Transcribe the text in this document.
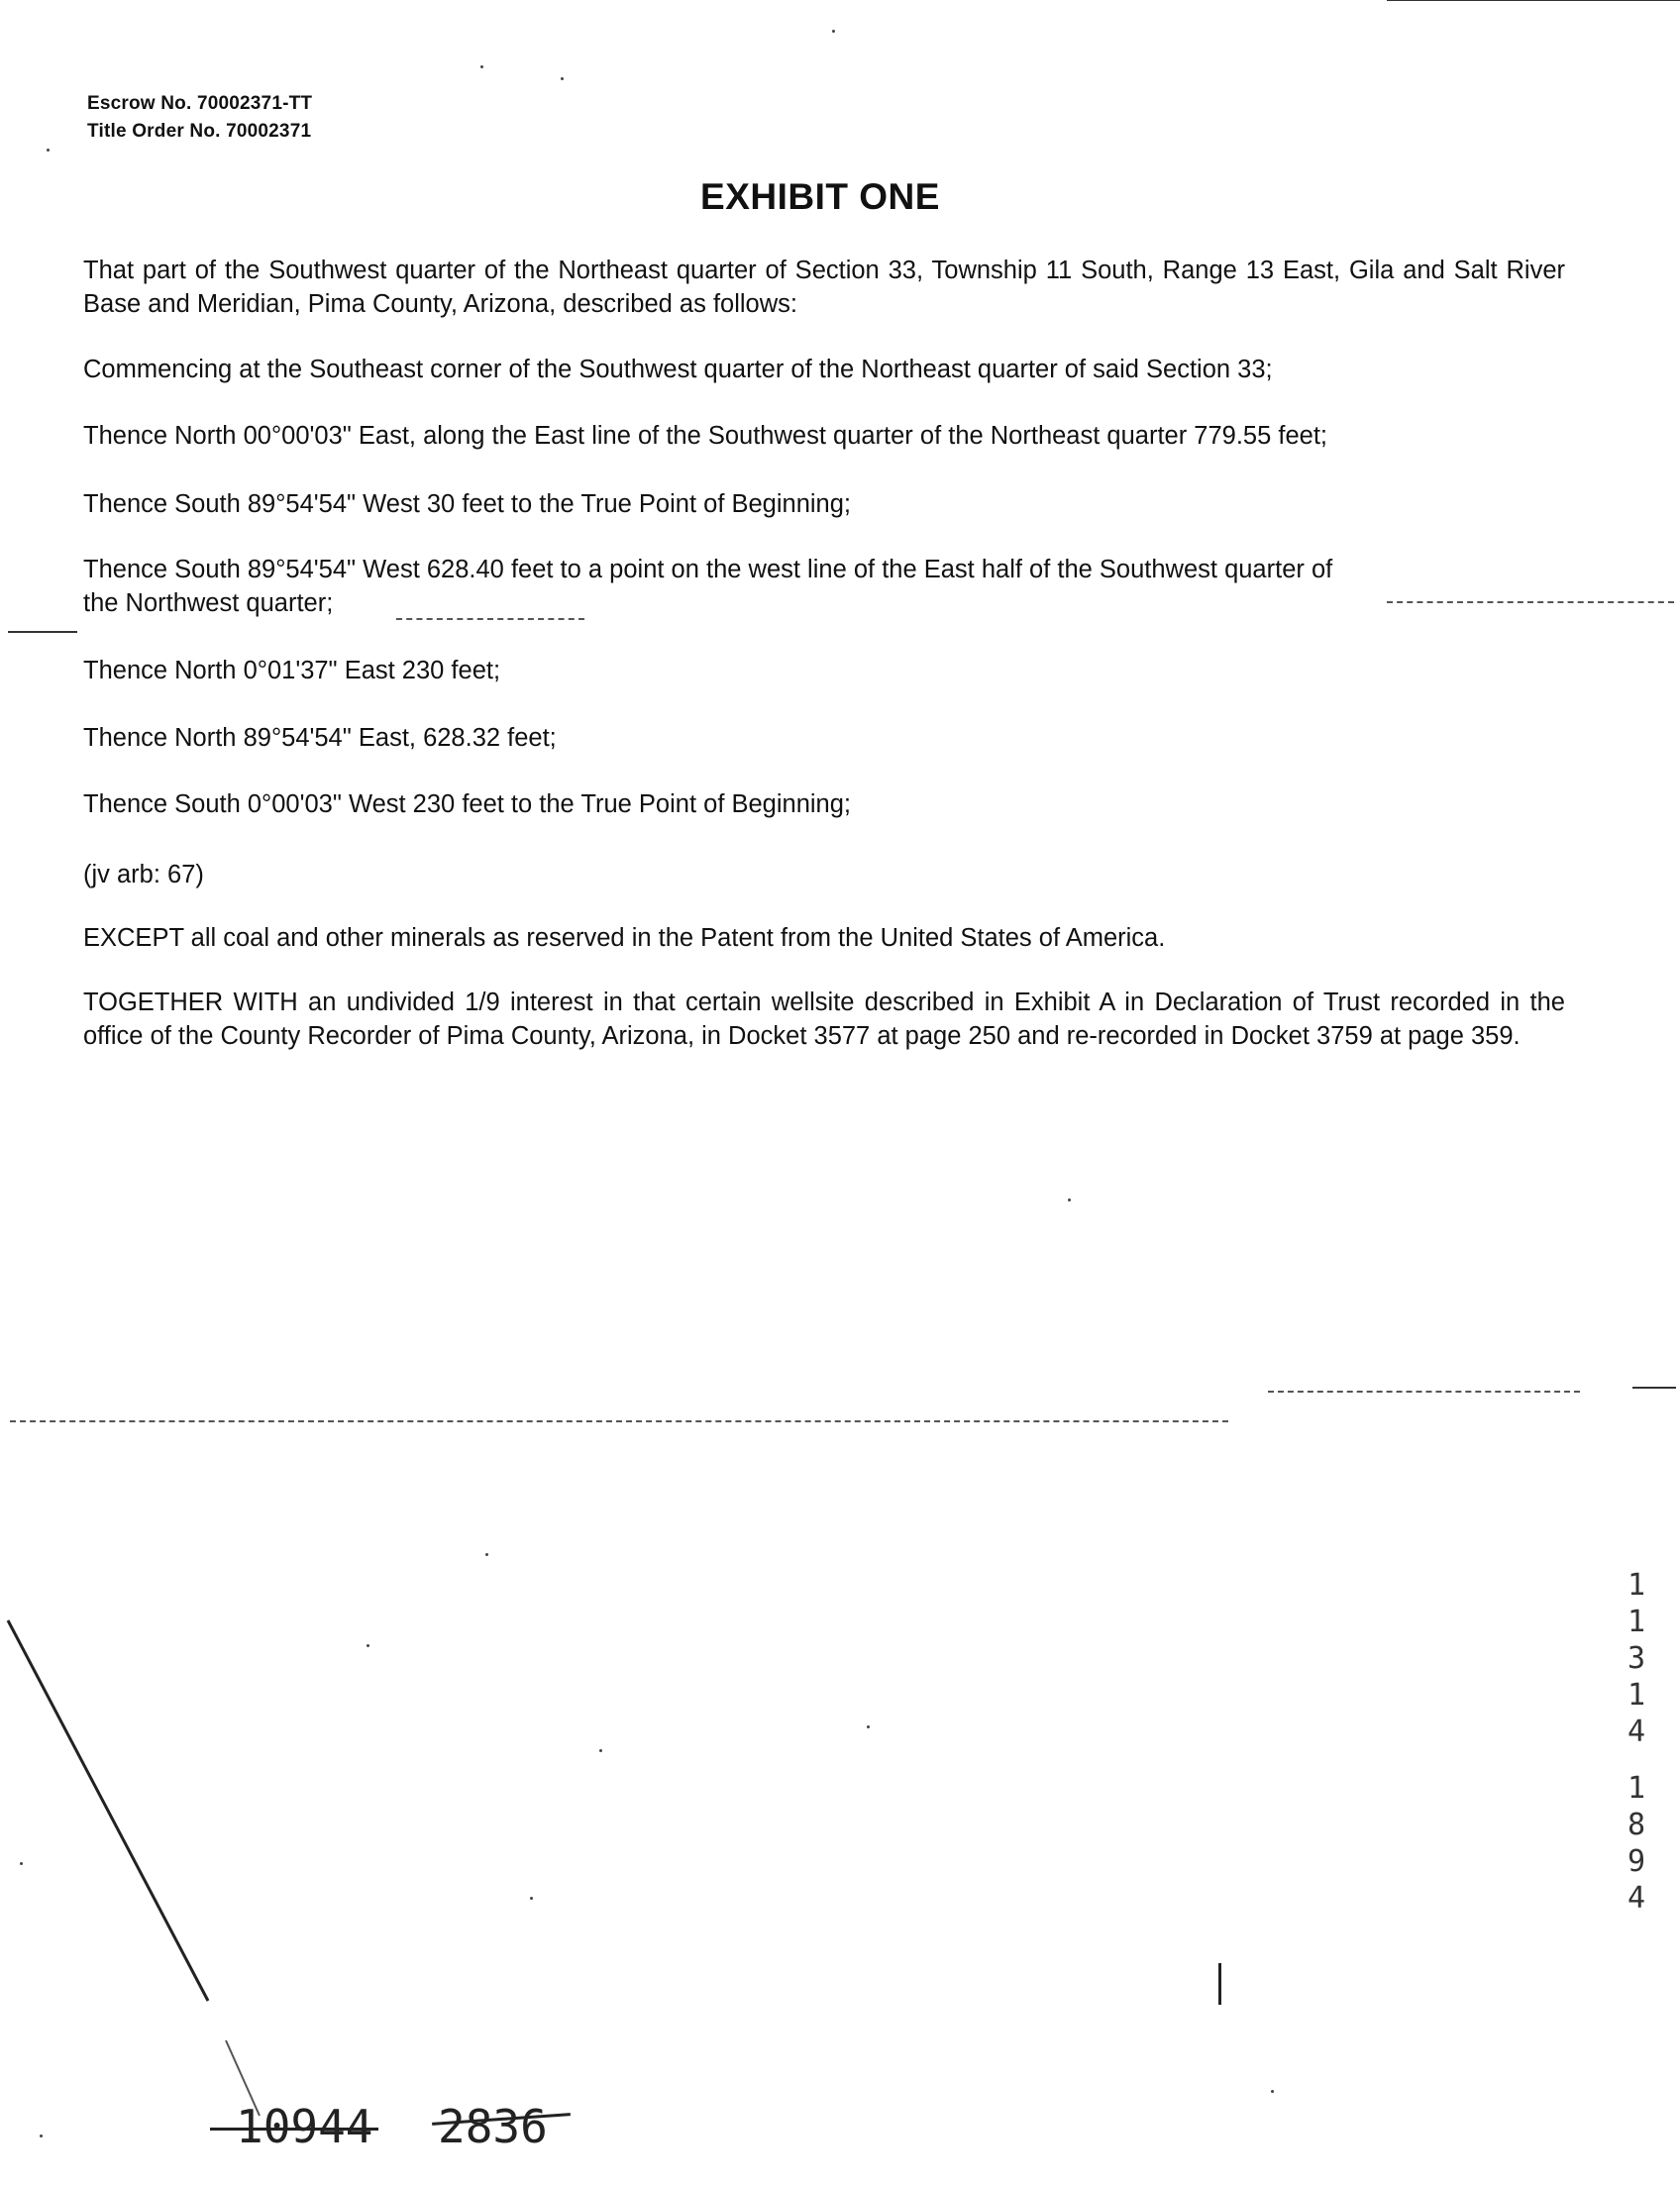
Escrow No. 70002371-TT
Title Order No. 70002371
EXHIBIT ONE
That part of the Southwest quarter of the Northeast quarter of Section 33, Township 11 South, Range 13 East, Gila and Salt River Base and Meridian, Pima County, Arizona, described as follows:
Commencing at the Southeast corner of the Southwest quarter of the Northeast quarter of said Section 33;
Thence North 00°00'03" East, along the East line of the Southwest quarter of the Northeast quarter 779.55 feet;
Thence South 89°54'54" West 30 feet to the True Point of Beginning;
Thence South 89°54'54" West 628.40 feet to a point on the west line of the East half of the Southwest quarter of
the Northwest quarter;
Thence North 0°01'37" East 230 feet;
Thence North 89°54'54" East, 628.32 feet;
Thence South 0°00'03" West 230 feet to the True Point of Beginning;
(jv arb: 67)
EXCEPT all coal and other minerals as reserved in the Patent from the United States of America.
TOGETHER WITH an undivided 1/9 interest in that certain wellsite described in Exhibit A in Declaration of Trust recorded in the office of the County Recorder of Pima County, Arizona, in Docket 3577 at page 250 and re-recorded in Docket 3759 at page 359.
1
1
3
1
4
1
8
9
4
10944 2836
